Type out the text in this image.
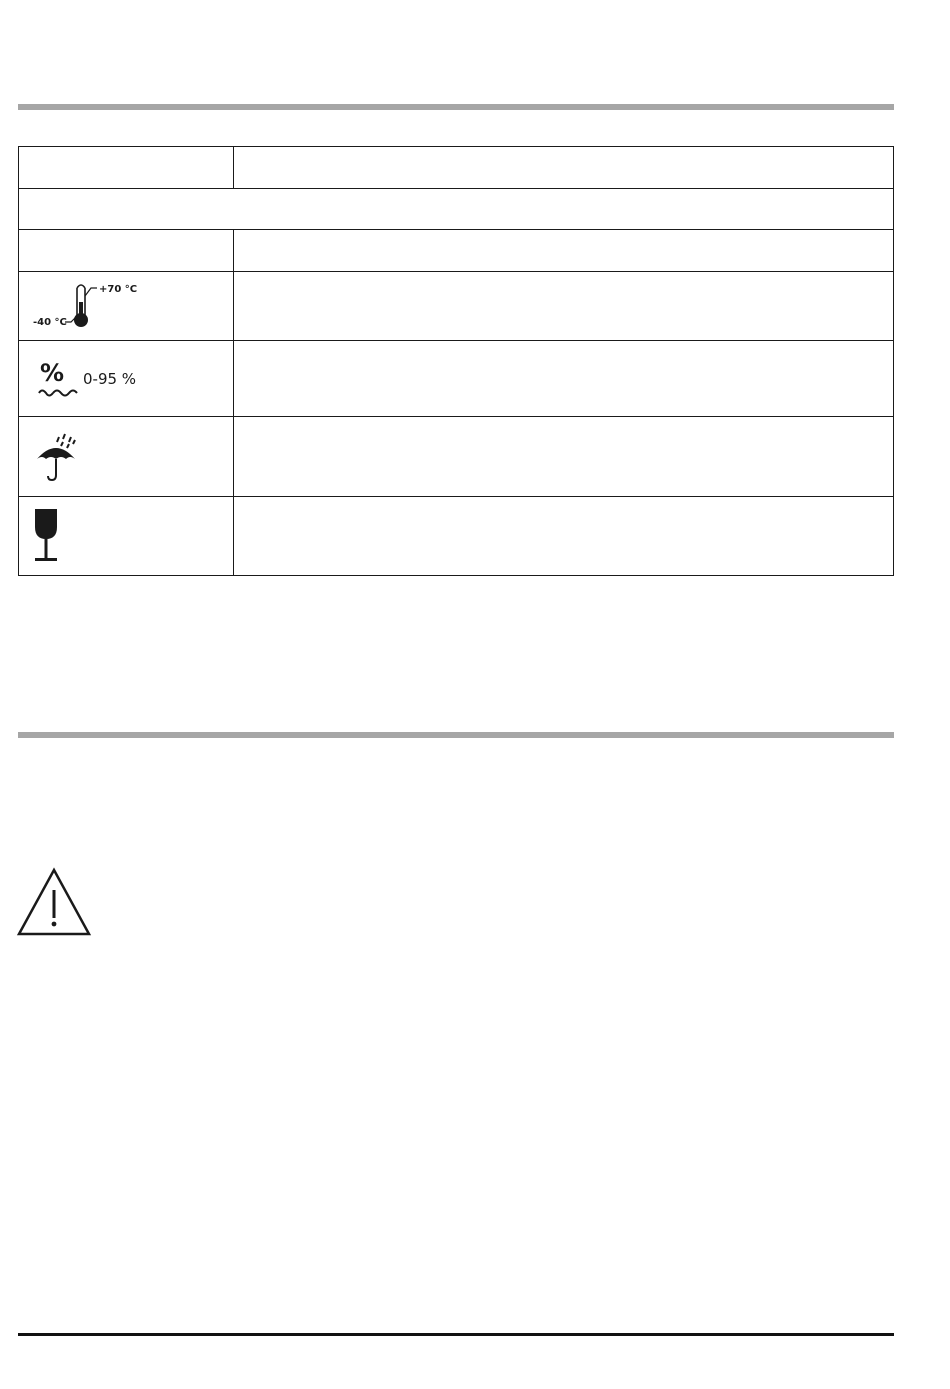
+70 °C
-40 °C	

% 0-95 %	
